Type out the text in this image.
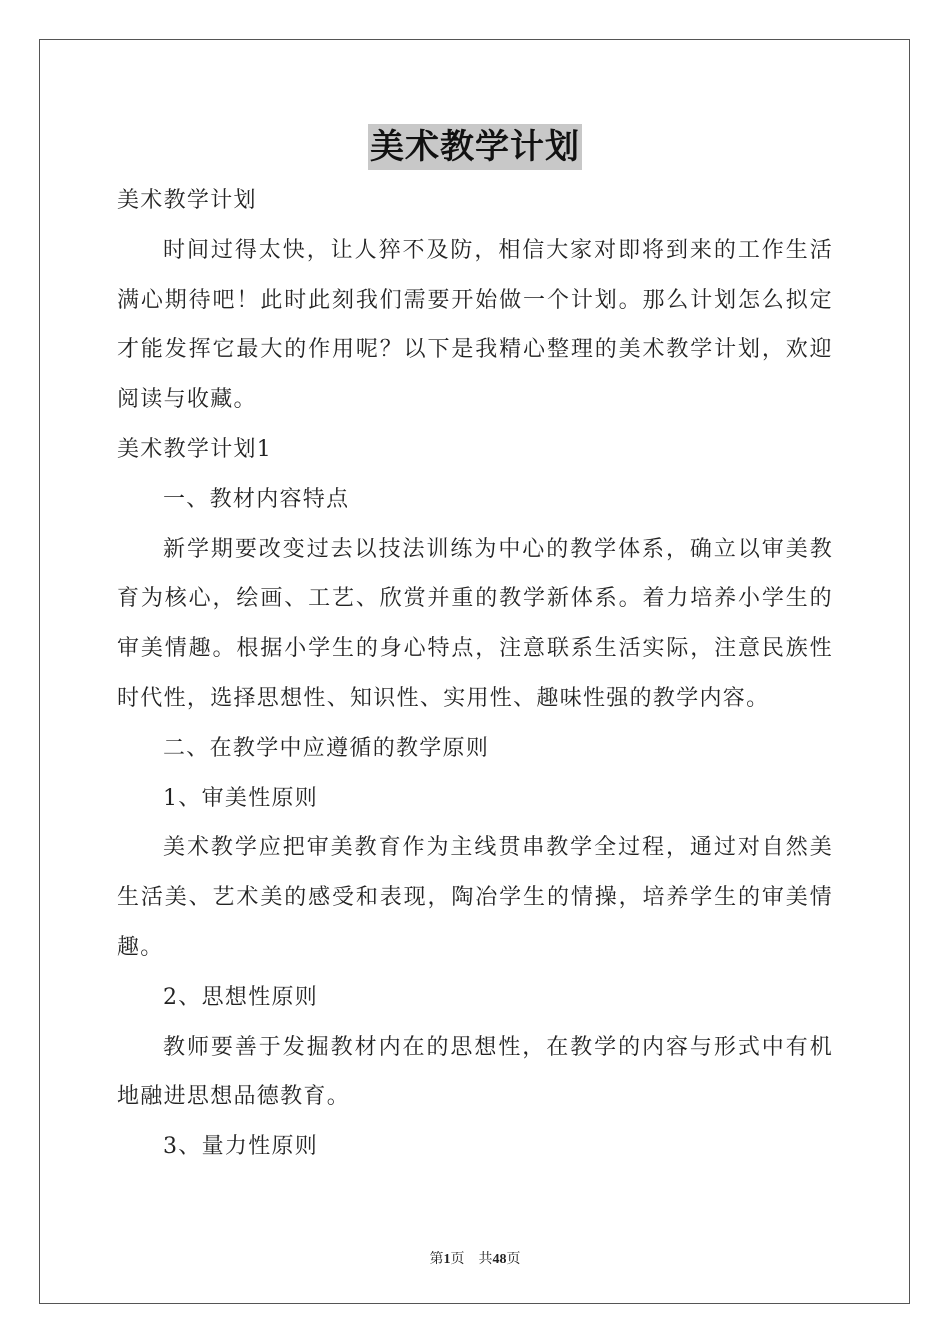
美术教学计划

美术教学计划

时间过得太快，让人猝不及防，相信大家对即将到来的工作生活满心期待吧！此时此刻我们需要开始做一个计划。那么计划怎么拟定才能发挥它最大的作用呢？以下是我精心整理的美术教学计划，欢迎阅读与收藏。

美术教学计划1

一、教材内容特点

新学期要改变过去以技法训练为中心的教学体系，确立以审美教育为核心，绘画、工艺、欣赏并重的教学新体系。着力培养小学生的审美情趣。根据小学生的身心特点，注意联系生活实际，注意民族性时代性，选择思想性、知识性、实用性、趣味性强的教学内容。

二、在教学中应遵循的教学原则

1、审美性原则

美术教学应把审美教育作为主线贯串教学全过程，通过对自然美生活美、艺术美的感受和表现，陶冶学生的情操，培养学生的审美情趣。

2、思想性原则

教师要善于发掘教材内在的思想性，在教学的内容与形式中有机地融进思想品德教育。

3、量力性原则

第1页 共48页
